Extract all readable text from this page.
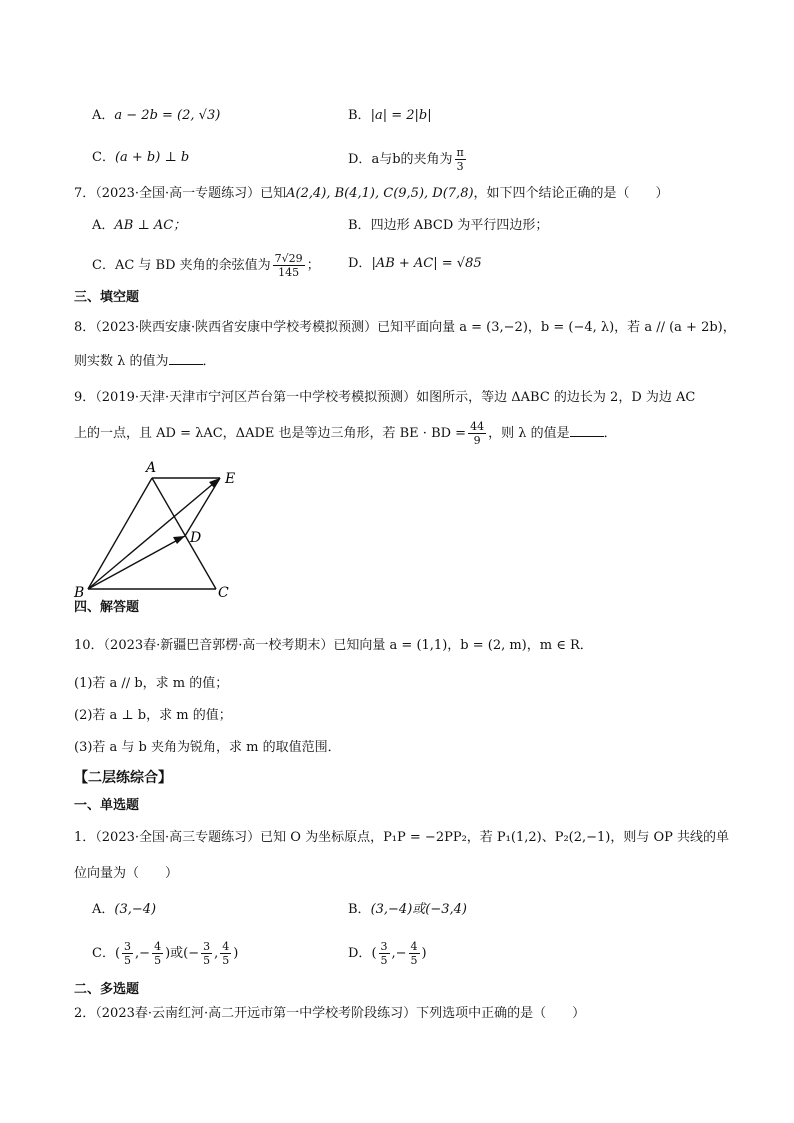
A．a − 2b = (2, √3)	B．|a| = 2|b|
C．(a + b) ⊥ b	D．a与b的夹角为 $\frac{\pi}{3}$
7．（2023·全国·高一专题练习）已知A(2,4), B(4,1), C(9,5), D(7,8)，如下四个结论正确的是（　　）
A．AB ⊥ AC；	B．四边形 ABCD 为平行四边形；
C．AC 与 BD 夹角的余弦值为 $\frac{7√29}{145}$ ； D．|AB + AC| = √85
三、填空题
8．（2023·陕西安康·陕西省安康中学校考模拟预测）已知平面向量 a = (3,−2)，b = (−4, λ)，若 a // (a + 2b)，
则实数 λ 的值为	．
9．（2019·天津·天津市宁河区芦台第一中学校考模拟预测）如图所示，等边 ΔABC 的边长为 2，D 为边 AC
上的一点，且 AD = λAC，ΔADE 也是等边三角形，若 BE · BD = $\frac{44}{9}$ ，则 λ 的值是	．
A
E
D
B	C
四、解答题
10．（2023春·新疆巴音郭楞·高一校考期末）已知向量 a = (1,1)，b = (2, m)，m ∈ R．
(1)若 a // b，求 m 的值；
(2)若 a ⊥ b，求 m 的值；
(3)若 a 与 b 夹角为锐角，求 m 的取值范围．
【二层练综合】
一、单选题
1．（2023·全国·高三专题练习）已知 O 为坐标原点，P₁P = −2PP₂，若 P₁(1,2)、P₂(2,−1)，则与 OP 共线的单
位向量为（　　）
A．(3,−4)	B．(3,−4)或(−3,4)
C．( $\frac{3}{5}$ ,− $\frac{4}{5}$ )或(− $\frac{3}{5}$ , $\frac{4}{5}$ )	D．( $\frac{3}{5}$ ,− $\frac{4}{5}$ )
二、多选题
2．（2023春·云南红河·高二开远市第一中学校考阶段练习）下列选项中正确的是（　　）
